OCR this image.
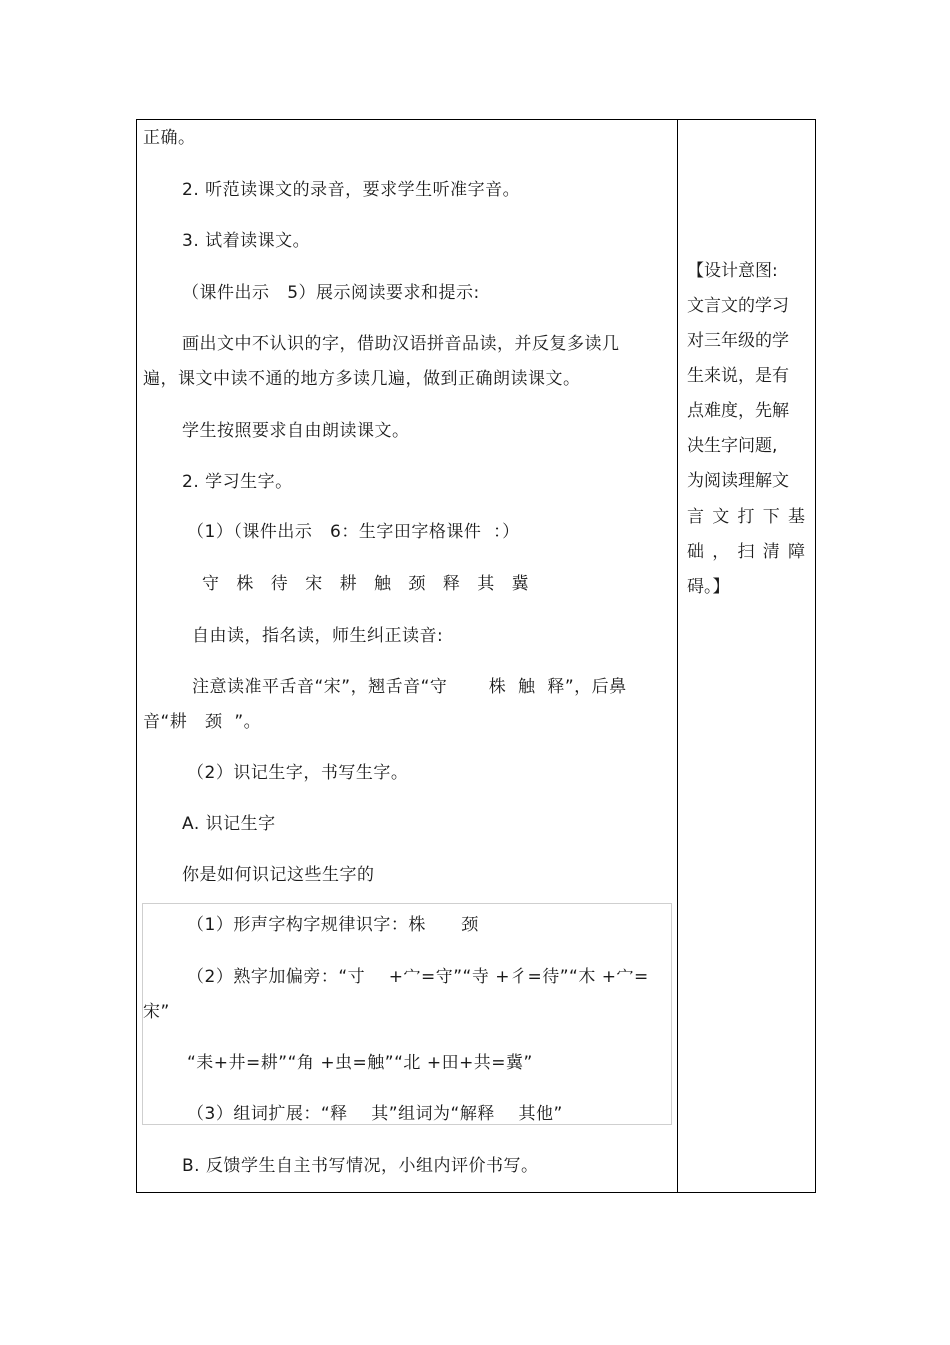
正确。
2. 听范读课文的录音，要求学生听准字音。
3. 试着读课文。
（课件出示   5）展示阅读要求和提示:
画出文中不认识的字，借助汉语拼音品读，并反复多读几
遍，课文中读不通的地方多读几遍，做到正确朗读课文。
学生按照要求自由朗读课文。
2. 学习生字。
（1）（课件出示   6：生字田字格课件  ：）
守 株 待 宋 耕 触 颈 释 其 冀
自由读，指名读，师生纠正读音:
注意读准平舌音“宋”，翘舌音“守       株  触  释”，后鼻
音“耕   颈  ”。
（2）识记生字，书写生字。
A. 识记生字
你是如何识记这些生字的
（1）形声字构字规律识字：株      颈
（2）熟字加偏旁：“寸    +宀=守”“寺 +彳=待”“木 +宀=
宋”
“耒+井=耕”“角 +虫=触”“北 +田+共=冀”
（3）组词扩展：“释    其”组词为“解释    其他”
B. 反馈学生自主书写情况，小组内评价书写。
【设计意图:
文言文的学习
对三年级的学
生来说，是有
点难度，先解
决生字问题,
为阅读理解文
言 文 打 下 基
础 ， 扫 清 障
碍。】
